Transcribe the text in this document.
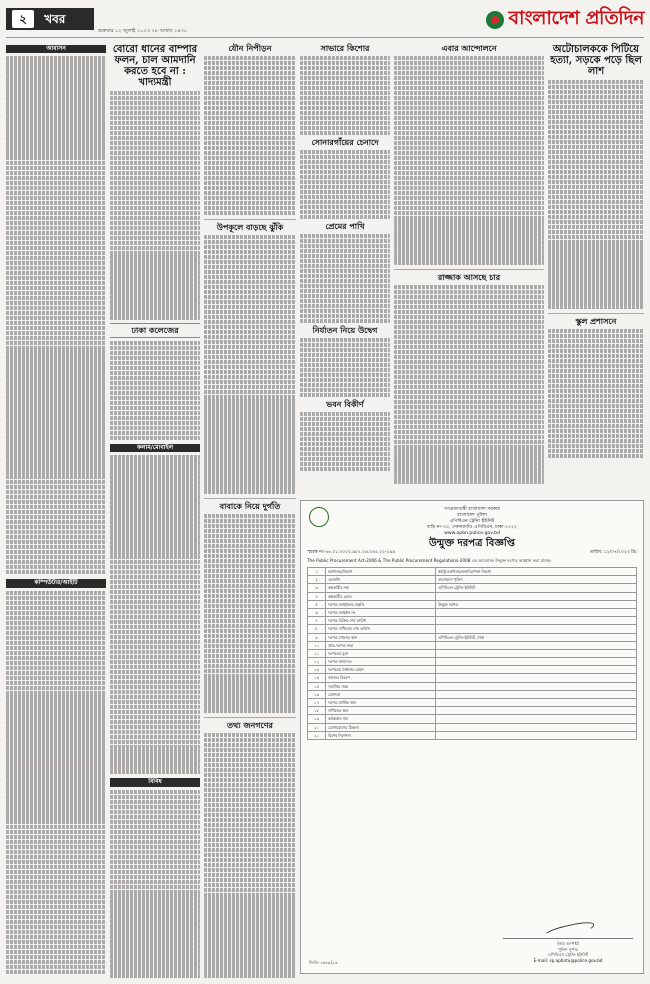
২ খবর
শুক্রবার ১২ জুলাই ২০২৩ ২৮ আষাঢ় ১৪৩০
বাংলাদেশ প্রতিদিন
আবাসন
কম্পিউটার/আইটি
বোরো ধানের বাম্পার ফলন, চাল আমদানি করতে হবে না : খাদ্যমন্ত্রী
ঢাকা কলেজের
কলাম/মোবাইল
বিবিধ
যৌন নিপীড়ন
উপকূলে বাড়ছে ঝুঁকি
বাবাকে নিয়ে দুর্গতি
তথ্য জনগণের
সাভারে কিশোর
সোনারগাঁয়ের চেনাদে
প্রেমের পাখি
নির্যাতন নিয়ে উদ্বেগ
ভবন বিকীর্ণ
এবার আন্দোলনে
রাজ্জাক আসছে চার
অটোচালককে পিটিয়ে হত্যা, সড়কে পড়ে ছিল লাশ
স্কুল প্রশাসনে
গণপ্রজাতন্ত্রী বাংলাদেশ সরকার
বাংলাদেশ পুলিশ
এপিবিএন ট্রেনিং ইউনিট
বাড়ি নং-৩০, সোনারগাঁও এপিবিএন, ঢাকা-১২২২
www.apbn.police.gov.bd
উন্মুক্ত দরপত্র বিজ্ঞপ্তি
স্মারক নং-৪৪.০১.০০০০.৯৮২.০৬.০৪৫.২২-২৯৯	তারিখ: ১২/০৭/২০২৩ খ্রি:

The Public Procurement Act-2006 & The Public Procurement Regulations-2008 এর আলোকে উন্মুক্ত দরপত্র আহ্বান করা যাচ্ছে।

১	মন্ত্রণালয়/বিভাগ	স্বরাষ্ট্র মন্ত্রণালয়/জননিরাপত্তা বিভাগ
২	এজেন্সি	বাংলাদেশ পুলিশ
৩	ক্রয়কারীর নাম	এপিবিএন ট্রেনিং ইউনিট
৪	ক্রয়কারীর কোড	
৫	দরপত্র আহ্বানের প্রকৃতি	উন্মুক্ত দরপত্র
৬	দরপত্র আহ্বান নং	
৭	দরপত্র বিক্রির শেষ তারিখ	
৮	দরপত্র দাখিলের শেষ তারিখ	
৯	দরপত্র খোলার স্থান	এপিবিএন ট্রেনিং ইউনিট, ঢাকা
১০	প্রাক-দরপত্র সভা	
১১	দরপত্রের মূল্য	
১২	দরপত্র জামানত	
১৩	দরপত্রের বৈধতার মেয়াদ	
১৪	কাজের বিবরণ	
১৫	সমাপ্তির সময়	
১৬	যোগ্যতা	
১৭	দরপত্র প্রাপ্তির স্থান	
১৮	দাখিলের স্থান	
১৯	কর্মকর্তার নাম	
২০	যোগাযোগের ঠিকানা	
২১	বিশেষ নির্দেশনা	
(নাম অস্পষ্ট)
পুলিশ সুপার
এপিবিএন ট্রেনিং ইউনিট
E-mail: sp.apbntu@police.gov.bd
জিডি-১৬৪৯/২৩
